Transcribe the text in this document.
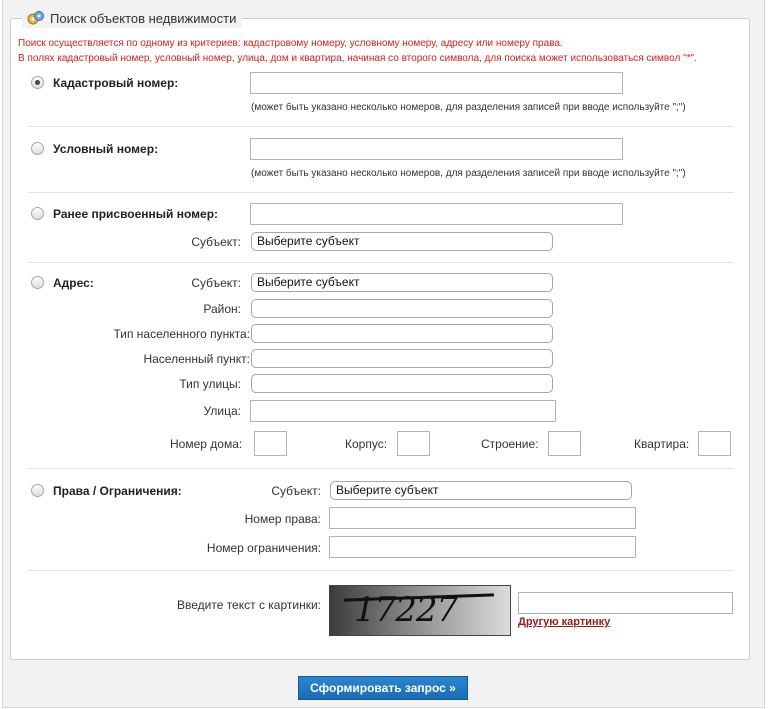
Поиск объектов недвижимости
Поиск осуществляется по одному из критериев: кадастровому номеру, условному номеру, адресу или номеру права.
В полях кадастровый номер, условный номер, улица, дом и квартира, начиная со второго символа, для поиска может использоваться символ "*".
Кадастровый номер:
(может быть указано несколько номеров, для разделения записей при вводе используйте ";")
Условный номер:
(может быть указано несколько номеров, для разделения записей при вводе используйте ";")
Ранее присвоенный номер:
Субъект:	Выберите субъект
Адрес:	Субъект:	Выберите субъект
Район:
Тип населенного пункта:
Населенный пункт:
Тип улицы:
Улица:
Номер дома:	Корпус:	Строение:	Квартира:
Права / Ограничения:	Субъект:	Выберите субъект
Номер права:
Номер ограничения:
Введите текст с картинки: 17227	Другую картинку
Сформировать запрос »
